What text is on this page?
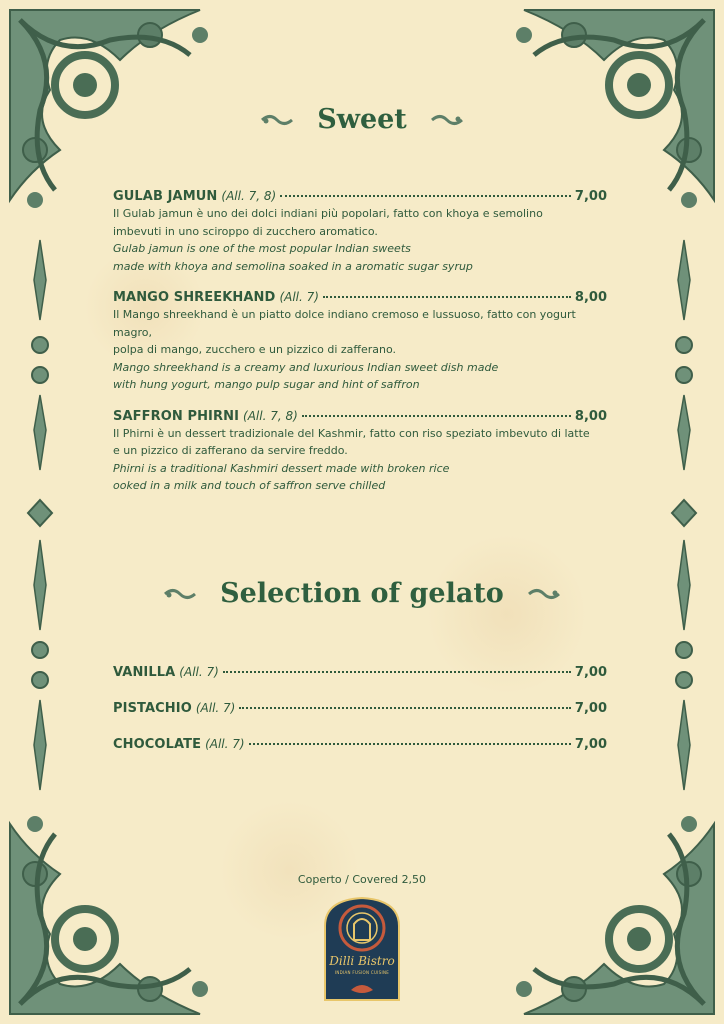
Sweet
GULAB JAMUN (All. 7, 8)	7,00
Il Gulab jamun è uno dei dolci indiani più popolari, fatto con khoya e semolino
imbevuti in uno sciroppo di zucchero aromatico.
Gulab jamun is one of the most popular Indian sweets
made with khoya and semolina soaked in a aromatic sugar syrup
MANGO SHREEKHAND (All. 7)	8,00
Il Mango shreekhand è un piatto dolce indiano cremoso e lussuoso, fatto con yogurt magro,
polpa di mango, zucchero e un pizzico di zafferano.
Mango shreekhand is a creamy and luxurious Indian sweet dish made
with hung yogurt, mango pulp sugar and hint of saffron
SAFFRON PHIRNI (All. 7, 8)	8,00
Il Phirni è un dessert tradizionale del Kashmir, fatto con riso speziato imbevuto di latte
e un pizzico di zafferano da servire freddo.
Phirni is a traditional Kashmiri dessert made with broken rice
ooked in a milk and touch of saffron serve chilled
Selection of gelato
VANILLA (All. 7)	7,00
PISTACHIO (All. 7)	7,00
CHOCOLATE (All. 7)	7,00
Coperto / Covered 2,50
Dilli Bistro
INDIAN FUSION CUISINE
